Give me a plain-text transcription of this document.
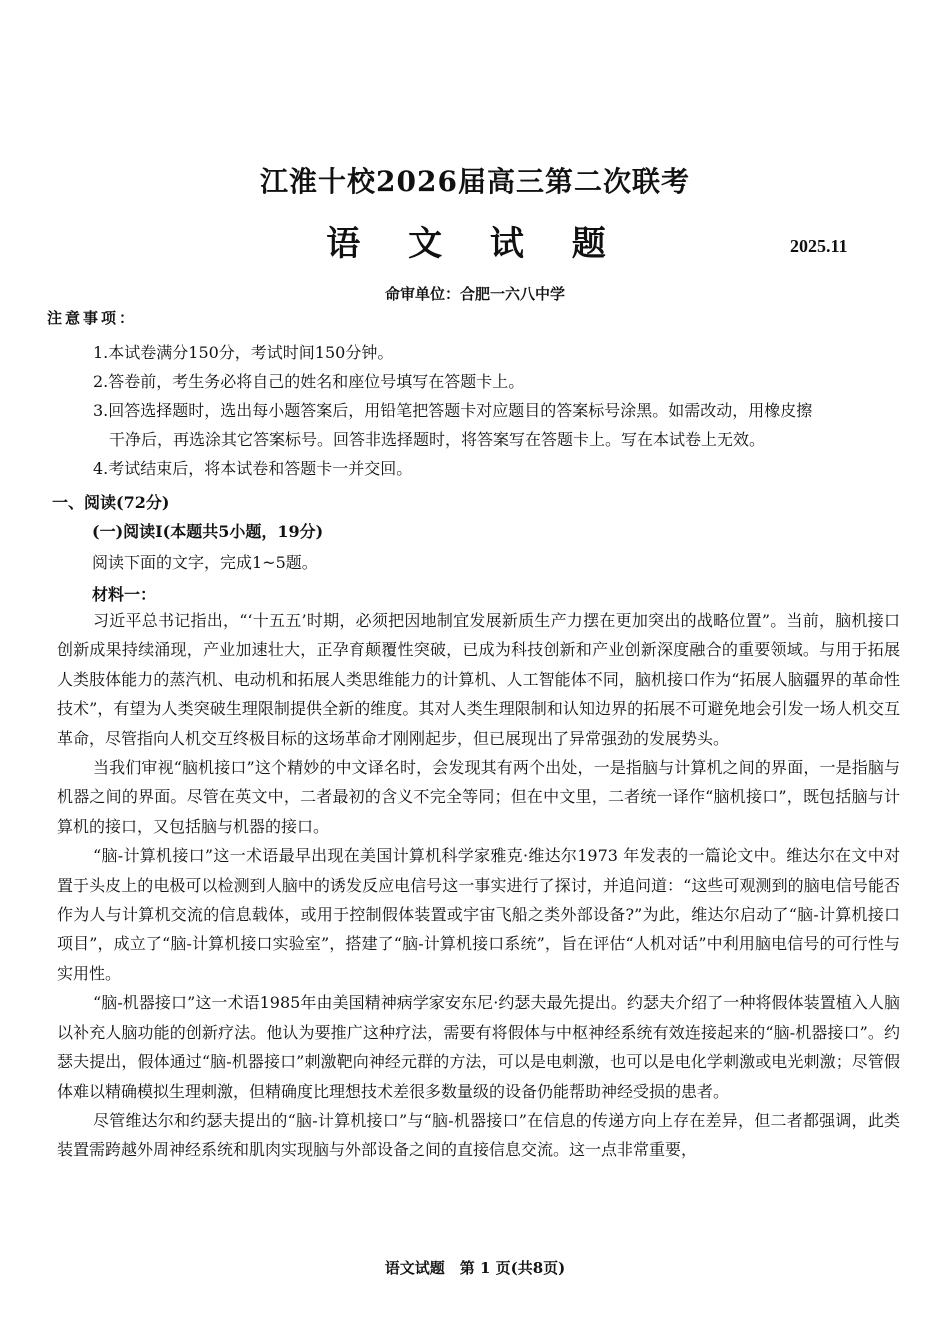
江淮十校2026届高三第二次联考
语 文 试 题	2025.11
命审单位：合肥一六八中学
注意事项：

1.本试卷满分150分，考试时间150分钟。

2.答卷前，考生务必将自己的姓名和座位号填写在答题卡上。

3.回答选择题时，选出每小题答案后，用铅笔把答题卡对应题目的答案标号涂黑。如需改动，用橡皮擦

干净后，再选涂其它答案标号。回答非选择题时，将答案写在答题卡上。写在本试卷上无效。

4.考试结束后，将本试卷和答题卡一并交回。

一、阅读(72分)
(一)阅读Ⅰ(本题共5小题，19分)
阅读下面的文字，完成1~5题。
材料一：

习近平总书记指出，“‘十五五’时期，必须把因地制宜发展新质生产力摆在更加突出的战略位置”。当前，脑机接口创新成果持续涌现，产业加速壮大，正孕育颠覆性突破，已成为科技创新和产业创新深度融合的重要领域。与用于拓展人类肢体能力的蒸汽机、电动机和拓展人类思维能力的计算机、人工智能体不同，脑机接口作为“拓展人脑疆界的革命性技术”，有望为人类突破生理限制提供全新的维度。其对人类生理限制和认知边界的拓展不可避免地会引发一场人机交互革命，尽管指向人机交互终极目标的这场革命才刚刚起步，但已展现出了异常强劲的发展势头。

当我们审视“脑机接口”这个精妙的中文译名时，会发现其有两个出处，一是指脑与计算机之间的界面，一是指脑与机器之间的界面。尽管在英文中，二者最初的含义不完全等同；但在中文里，二者统一译作“脑机接口”，既包括脑与计算机的接口，又包括脑与机器的接口。

“脑-计算机接口”这一术语最早出现在美国计算机科学家雅克·维达尔1973 年发表的一篇论文中。维达尔在文中对置于头皮上的电极可以检测到人脑中的诱发反应电信号这一事实进行了探讨，并追问道：“这些可观测到的脑电信号能否作为人与计算机交流的信息载体，或用于控制假体装置或宇宙飞船之类外部设备?”为此，维达尔启动了“脑-计算机接口项目”，成立了“脑-计算机接口实验室”，搭建了“脑-计算机接口系统”，旨在评估“人机对话”中利用脑电信号的可行性与实用性。

“脑-机器接口”这一术语1985年由美国精神病学家安东尼·约瑟夫最先提出。约瑟夫介绍了一种将假体装置植入人脑以补充人脑功能的创新疗法。他认为要推广这种疗法，需要有将假体与中枢神经系统有效连接起来的“脑-机器接口”。约瑟夫提出，假体通过“脑-机器接口”刺激靶向神经元群的方法，可以是电刺激，也可以是电化学刺激或电光刺激；尽管假体难以精确模拟生理刺激，但精确度比理想技术差很多数量级的设备仍能帮助神经受损的患者。

尽管维达尔和约瑟夫提出的“脑-计算机接口”与“脑-机器接口”在信息的传递方向上存在差异，但二者都强调，此类装置需跨越外周神经系统和肌肉实现脑与外部设备之间的直接信息交流。这一点非常重要，

语文试题　第 1 页(共8页)
